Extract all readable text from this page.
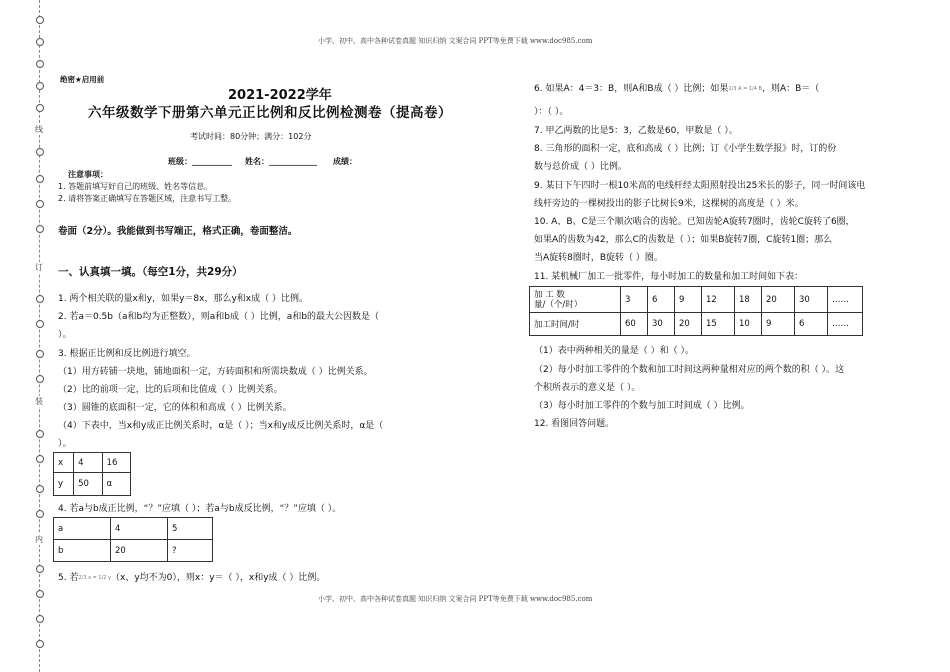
线
订
装
内
小学、初中、高中各种试卷真题 知识归纳 文案合同 PPT等免费下载 www.doc985.com
小学、初中、高中各种试卷真题 知识归纳 文案合同 PPT等免费下载 www.doc985.com
绝密★启用前
2021-2022学年
六年级数学下册第六单元正比例和反比例检测卷（提高卷）
考试时间：80分钟；满分：102分
班级：__________ 姓名：____________ 成绩：
注意事项：
1. 答题前填写好自己的班级、姓名等信息。
2. 请将答案正确填写在答题区域，注意书写工整。
卷面（2分）。我能做到书写端正，格式正确，卷面整洁。
一、认真填一填。（每空1分，共29分）
1. 两个相关联的量x和y，如果y＝8x，那么y和x成（ ）比例。
2. 若a＝0.5b（a和b均为正整数），则a和b成（ ）比例，a和b的最大公因数是（
）。
3. 根据正比例和反比例进行填空。
（1）用方砖铺一块地，铺地面积一定，方砖面积和所需块数成（ ）比例关系。
（2）比的前项一定，比的后项和比值成（ ）比例关系。
（3）圆锥的底面积一定，它的体积和高成（ ）比例关系。
（4）下表中，当x和y成正比例关系时，α是（ ）；当x和y成反比例关系时，α是（
）。
x	4	16
y	50	α
4. 若a与b成正比例，“？”应填（ ）；若a与b成反比例，“？”应填（ ）。
a	4	5
b	20	?
5. 若2/3 x = 1/2 y（x、y均不为0），则x：y＝（ ），x和y成（ ）比例。
6. 如果A：4＝3：B，则A和B成（ ）比例；如果1/3 A = 1/4 B，则A：B＝（
）：（ ）。
7. 甲乙两数的比是5：3，乙数是60，甲数是（ ）。
8. 三角形的面积一定，底和高成（ ）比例；订《小学生数学报》时，订的份
数与总价成（ ）比例。
9. 某日下午四时一根10米高的电线杆经太阳照射投出25米长的影子，同一时间该电
线杆旁边的一棵树投出的影子比树长9米，这棵树的高度是（ ）米。
10. A、B、C是三个顺次啮合的齿轮。已知齿轮A旋转7圈时，齿轮C旋转了6圈，
如果A的齿数为42，那么C的齿数是（ ）；如果B旋转7圈，C旋转1圈；那么
当A旋转8圈时，B旋转（ ）圈。
11. 某机械厂加工一批零件，每小时加工的数量和加工时间如下表：
加 工 数
量/（个/时）	3	6	9	12	18	20	30	……
加工时间/时	60	30	20	15	10	9	6	……
（1）表中两种相关的量是（ ）和（ ）。
（2）每小时加工零件的个数和加工时间这两种量相对应的两个数的积（ ）。这
个积所表示的意义是（ ）。
（3）每小时加工零件的个数与加工时间成（ ）比例。
12. 看图回答问题。
